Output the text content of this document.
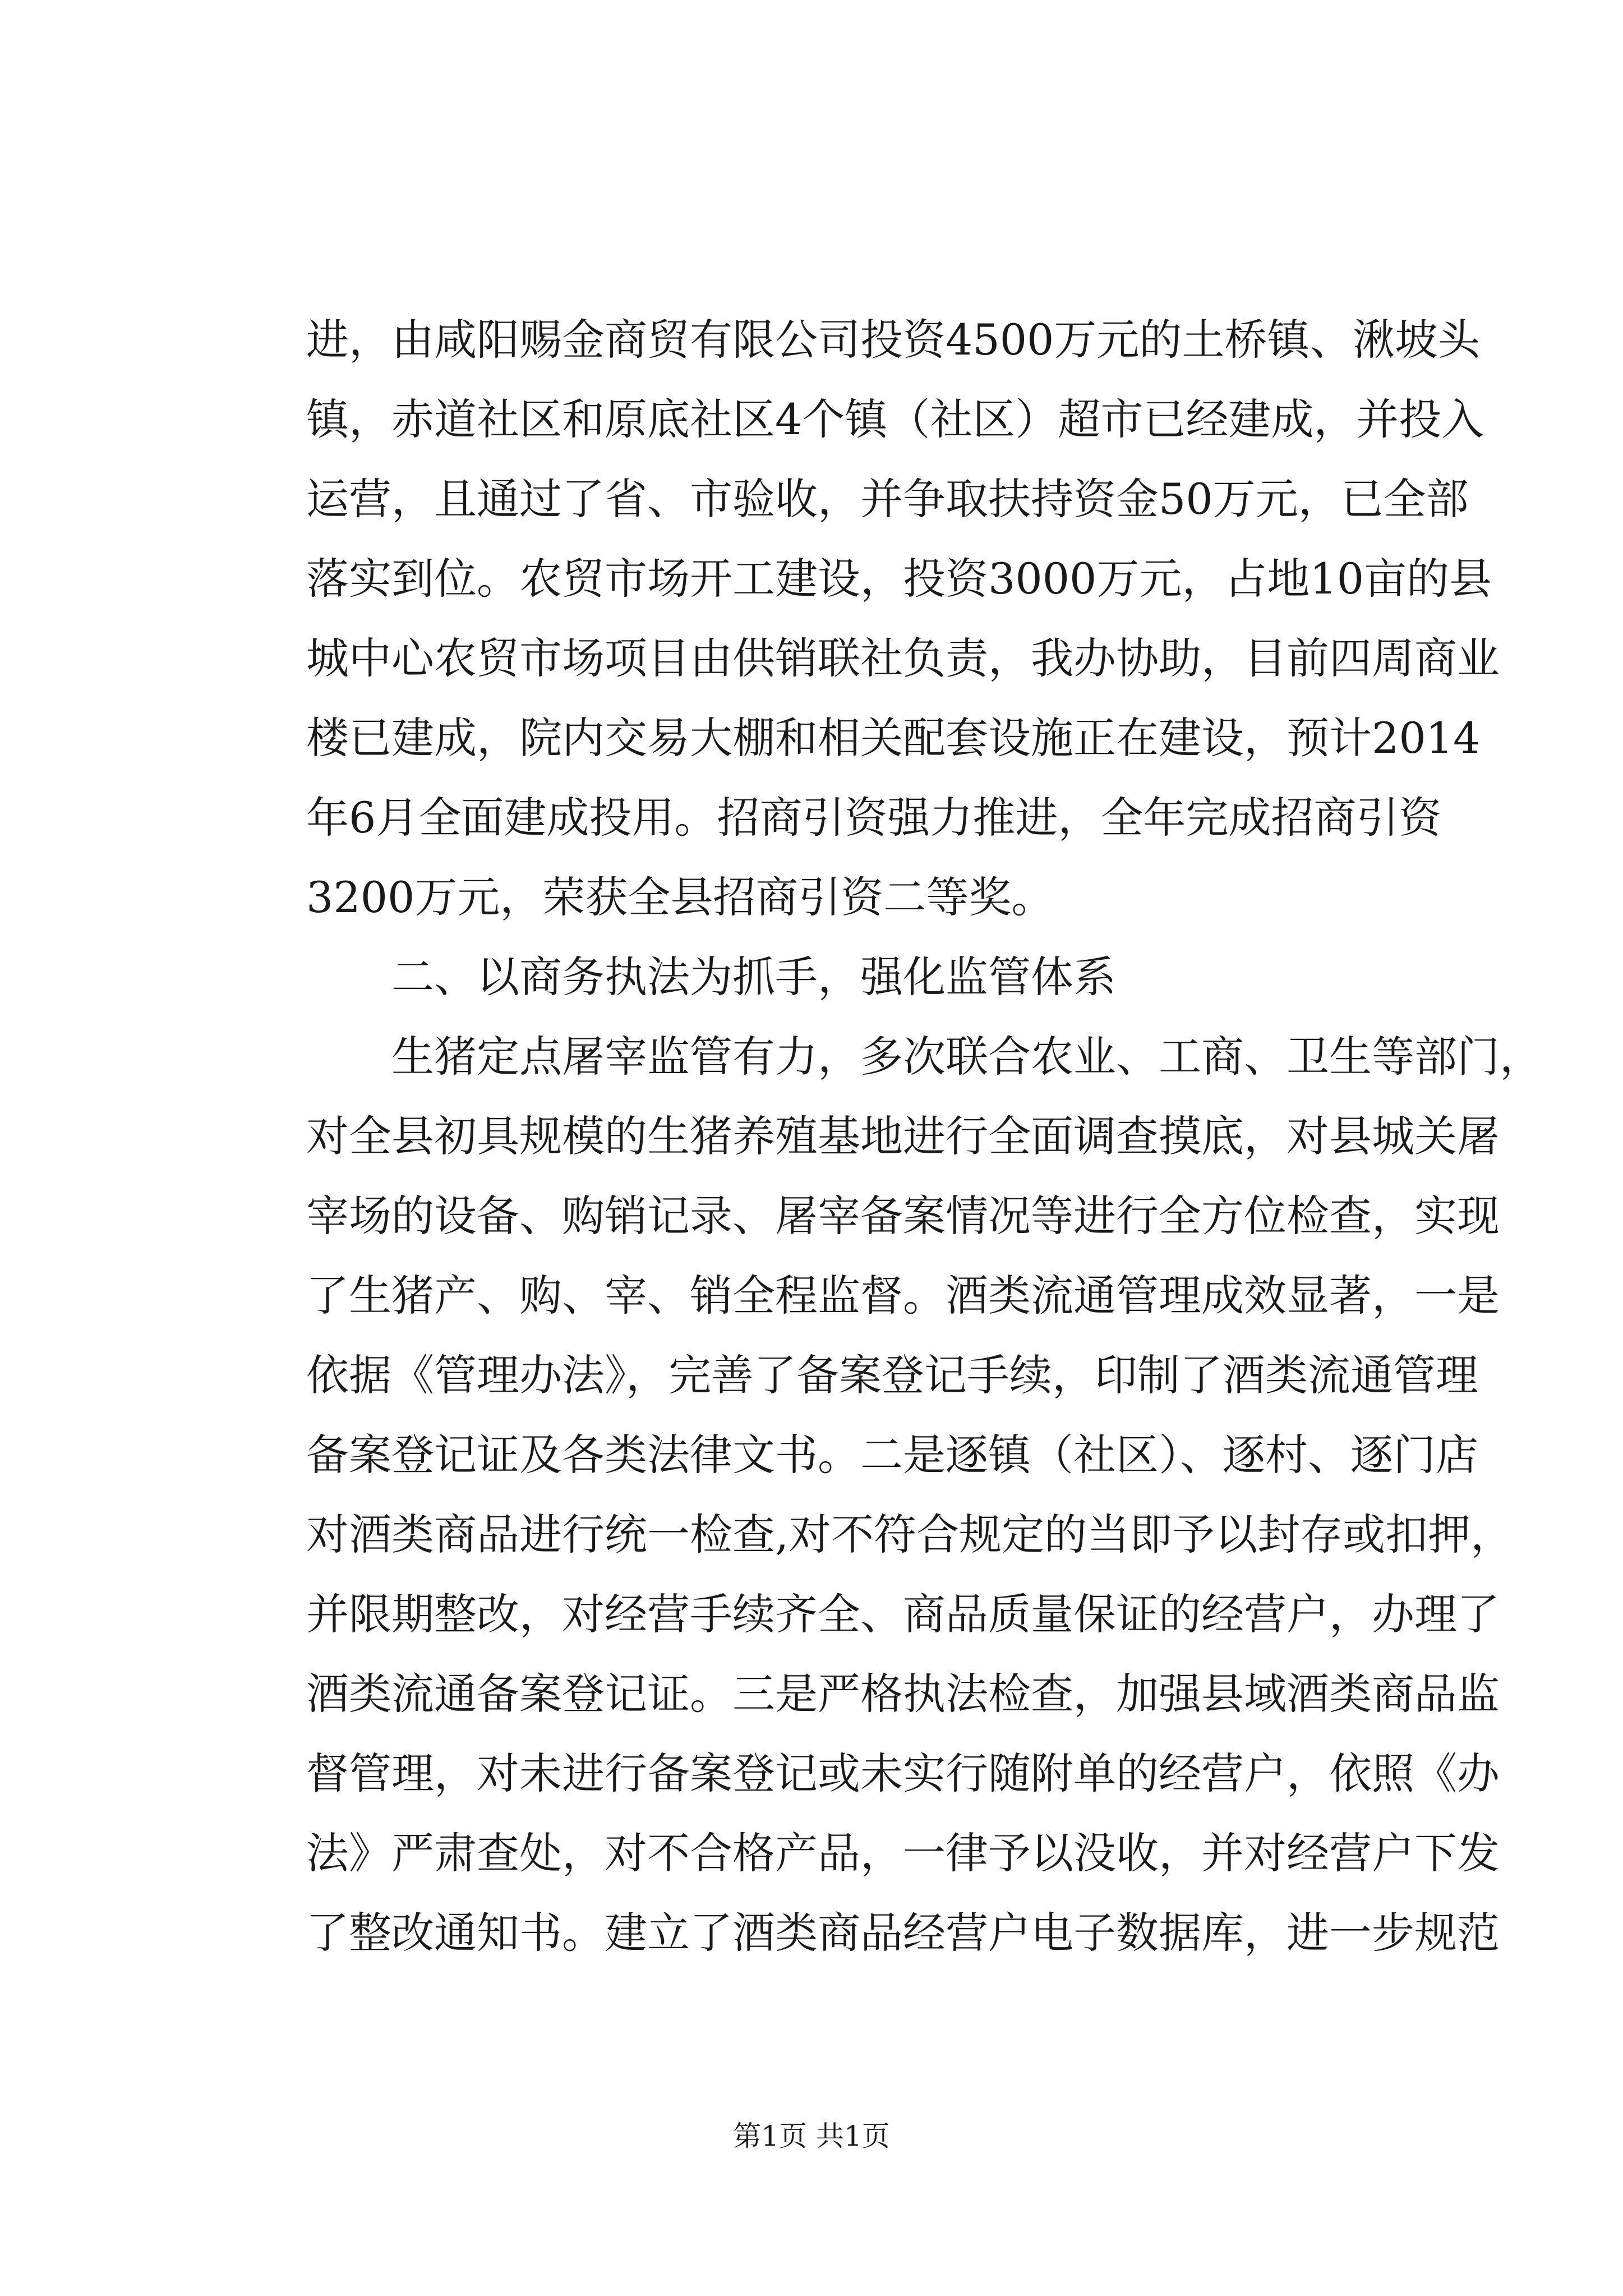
进，由咸阳赐金商贸有限公司投资4500万元的土桥镇、湫坡头
镇，赤道社区和原底社区4个镇（社区）超市已经建成，并投入
运营，且通过了省、市验收，并争取扶持资金50万元，已全部
落实到位。农贸市场开工建设，投资3000万元，占地10亩的县
城中心农贸市场项目由供销联社负责，我办协助，目前四周商业
楼已建成，院内交易大棚和相关配套设施正在建设，预计2014
年6月全面建成投用。招商引资强力推进，全年完成招商引资
3200万元，荣获全县招商引资二等奖。
　　二、以商务执法为抓手，强化监管体系
　　生猪定点屠宰监管有力，多次联合农业、工商、卫生等部门，
对全县初具规模的生猪养殖基地进行全面调查摸底，对县城关屠
宰场的设备、购销记录、屠宰备案情况等进行全方位检查，实现
了生猪产、购、宰、销全程监督。酒类流通管理成效显著，一是
依据《管理办法》，完善了备案登记手续，印制了酒类流通管理
备案登记证及各类法律文书。二是逐镇（社区）、逐村、逐门店
对酒类商品进行统一检查,对不符合规定的当即予以封存或扣押，
并限期整改，对经营手续齐全、商品质量保证的经营户，办理了
酒类流通备案登记证。三是严格执法检查，加强县域酒类商品监
督管理，对未进行备案登记或未实行随附单的经营户，依照《办
法》严肃查处，对不合格产品，一律予以没收，并对经营户下发
了整改通知书。建立了酒类商品经营户电子数据库，进一步规范
第1页 共1页
